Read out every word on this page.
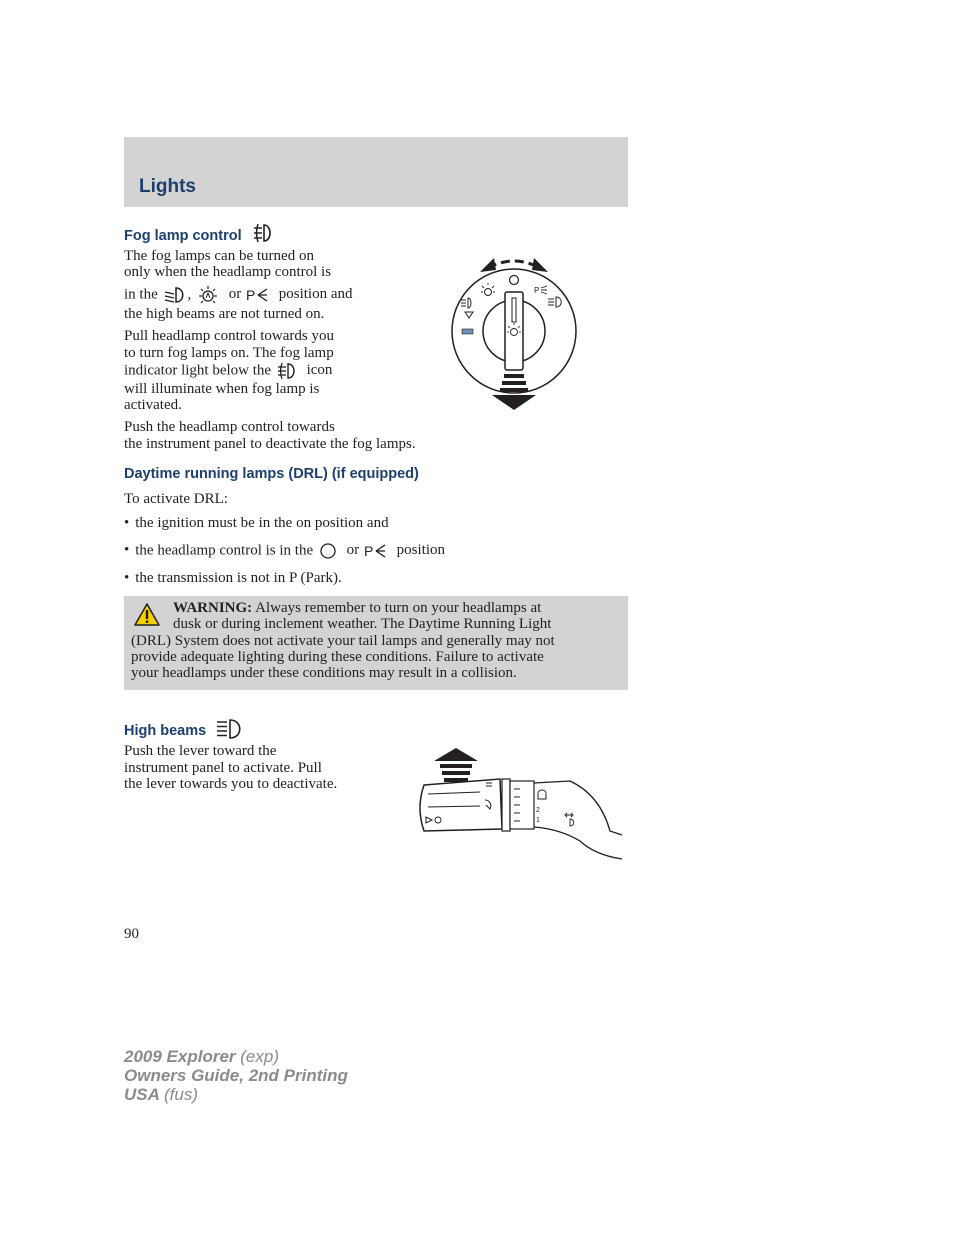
Lights
Fog lamp control
The fog lamps can be turned on
only when the headlamp control is
in the ,	or P position and
the high beams are not turned on.
Pull headlamp control towards you
to turn fog lamps on. The fog lamp
indicator light below the icon
will illuminate when fog lamp is
activated.
Push the headlamp control towards
the instrument panel to deactivate the fog lamps.
P
Daytime running lamps (DRL) (if equipped)
To activate DRL:
• the ignition must be in the on position and
• the headlamp control is in the or P position
• the transmission is not in P (Park).
WARNING: Always remember to turn on your headlamps at
dusk or during inclement weather. The Daytime Running Light
(DRL) System does not activate your tail lamps and generally may not
provide adequate lighting during these conditions. Failure to activate
your headlamps under these conditions may result in a collision.
High beams
Push the lever toward the
instrument panel to activate. Pull
the lever towards you to deactivate.
2
1
90
2009 Explorer (exp)
Owners Guide, 2nd Printing
USA (fus)
